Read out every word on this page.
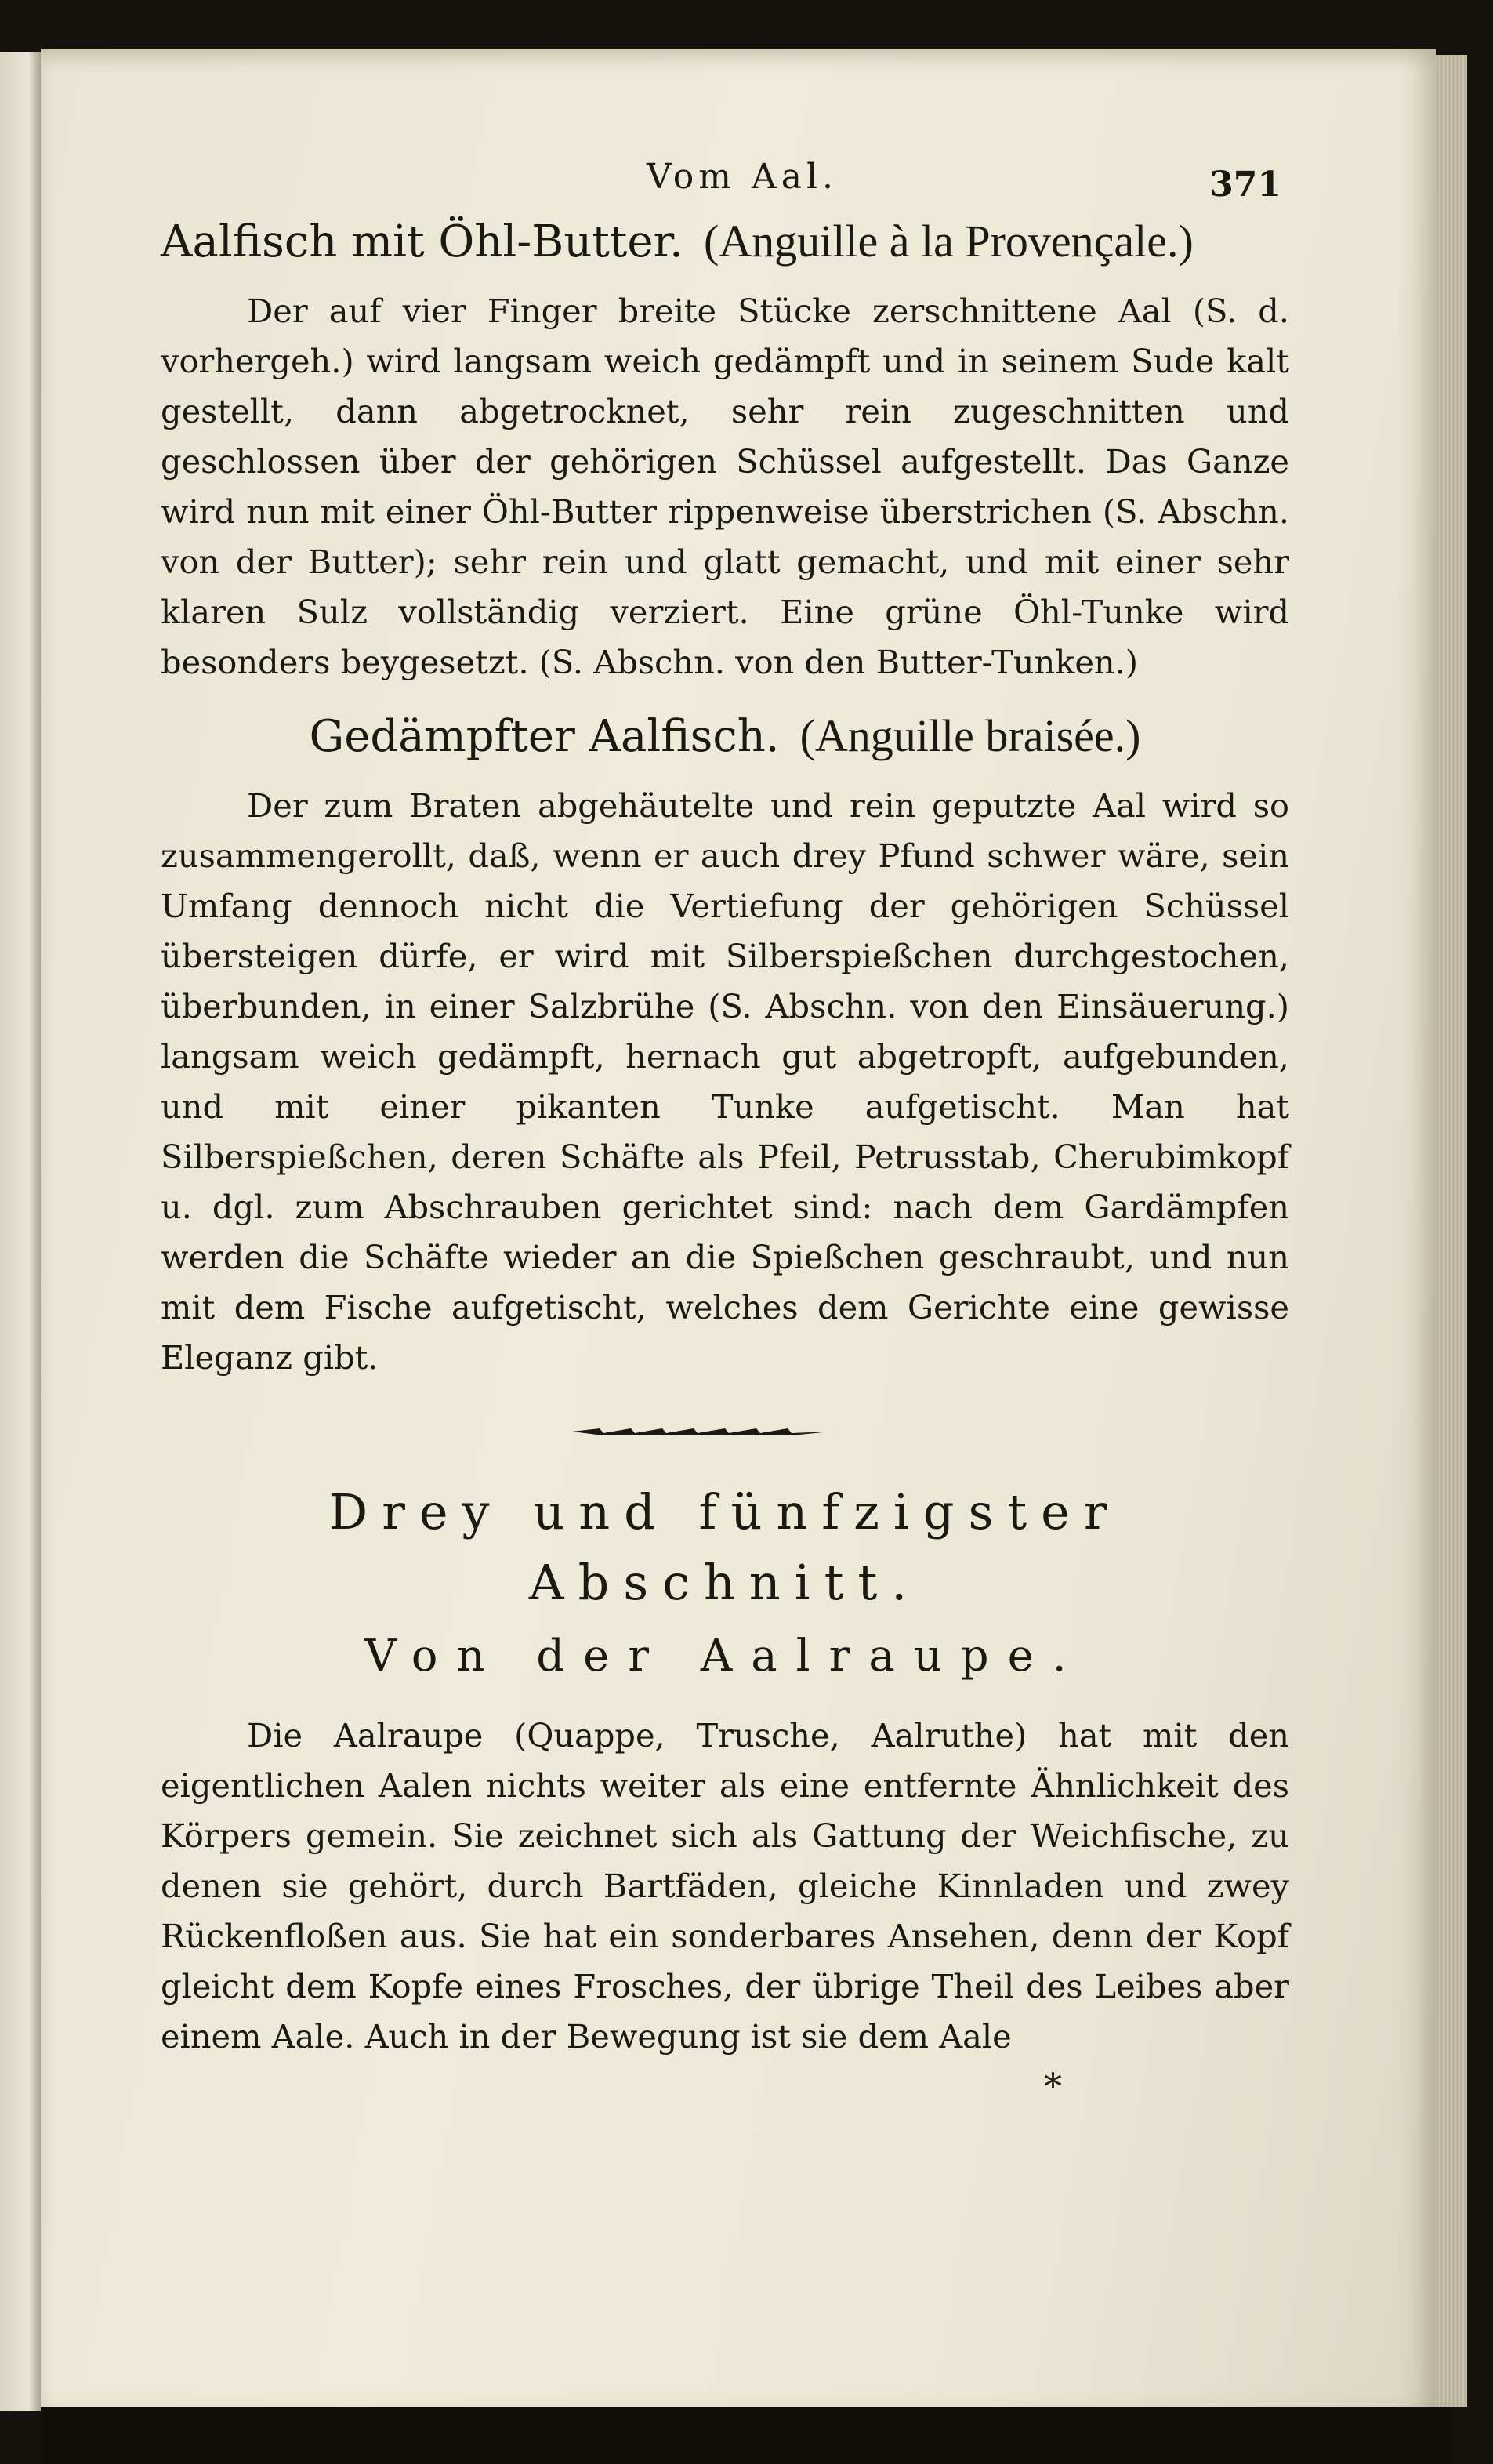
Vom Aal.	371
Aalfisch mit Öhl-Butter. (Anguille à la Provençale.)

Der auf vier Finger breite Stücke zerschnittene Aal (S. d. vorhergeh.) wird langsam weich gedämpft und in seinem Sude kalt gestellt, dann abgetrocknet, sehr rein zugeschnitten und geschlossen über der gehörigen Schüssel aufgestellt. Das Ganze wird nun mit einer Öhl-Butter rippenweise überstrichen (S. Abschn. von der Butter); sehr rein und glatt gemacht, und mit einer sehr klaren Sulz vollständig verziert. Eine grüne Öhl-Tunke wird besonders beygesetzt. (S. Abschn. von den Butter-Tunken.)

Gedämpfter Aalfisch. (Anguille braisée.)

Der zum Braten abgehäutelte und rein geputzte Aal wird so zusammengerollt, daß, wenn er auch drey Pfund schwer wäre, sein Umfang dennoch nicht die Vertiefung der gehörigen Schüssel übersteigen dürfe, er wird mit Silberspießchen durchgestochen, überbunden, in einer Salzbrühe (S. Abschn. von den Einsäuerung.) langsam weich gedämpft, hernach gut abgetropft, aufgebunden, und mit einer pikanten Tunke aufgetischt. Man hat Silberspießchen, deren Schäfte als Pfeil, Petrusstab, Cherubimkopf u. dgl. zum Abschrauben gerichtet sind: nach dem Gardämpfen werden die Schäfte wieder an die Spießchen geschraubt, und nun mit dem Fische aufgetischt, welches dem Gerichte eine gewisse Eleganz gibt.

Drey und fünfzigster Abschnitt.
Von der Aalraupe.

Die Aalraupe (Quappe, Trusche, Aalruthe) hat mit den eigentlichen Aalen nichts weiter als eine entfernte Ähnlichkeit des Körpers gemein. Sie zeichnet sich als Gattung der Weichfische, zu denen sie gehört, durch Bartfäden, gleiche Kinnladen und zwey Rückenfloßen aus. Sie hat ein sonderbares Ansehen, denn der Kopf gleicht dem Kopfe eines Frosches, der übrige Theil des Leibes aber einem Aale. Auch in der Bewegung ist sie dem Aale

*
